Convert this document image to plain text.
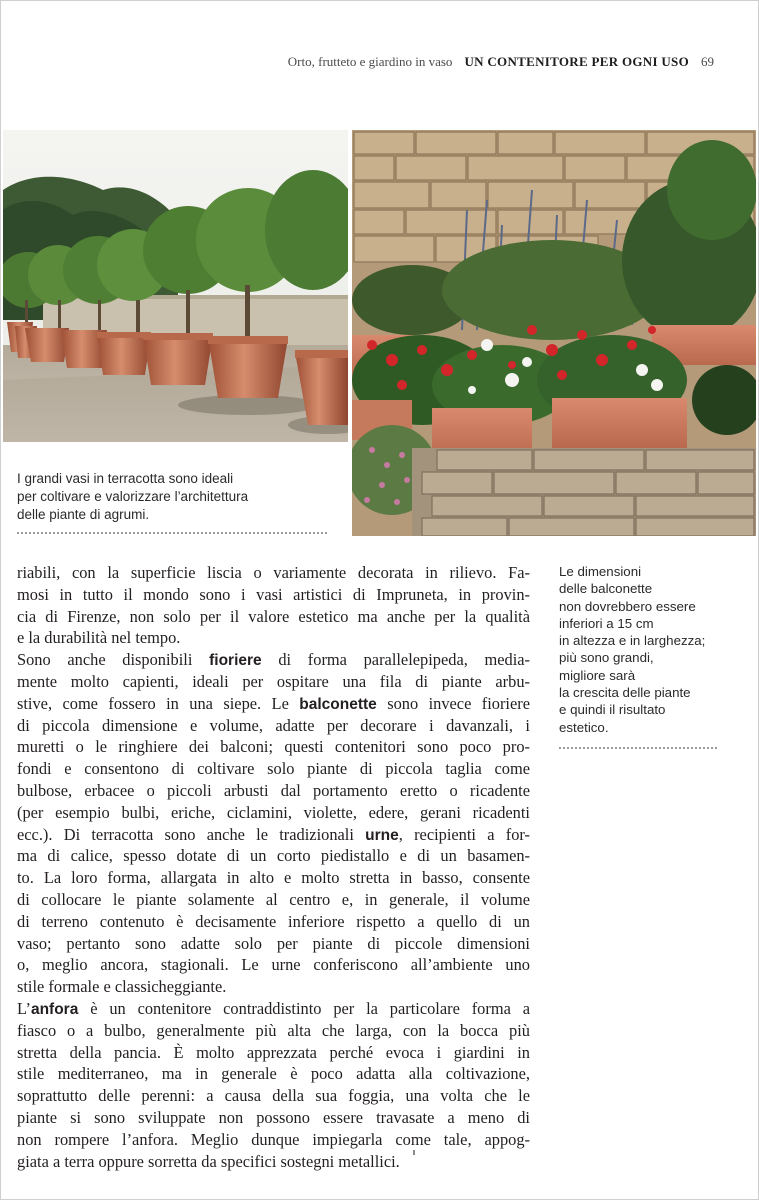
Orto, frutteto e giardino in vaso UN CONTENITORE PER OGNI USO 69
I grandi vasi in terracotta sono ideali
per coltivare e valorizzare l’architettura
delle piante di agrumi.
Le dimensioni
delle balconette
non dovrebbero essere
inferiori a 15 cm
in altezza e in larghezza;
più sono grandi,
migliore sarà
la crescita delle piante
e quindi il risultato
estetico.
riabili, con la superficie liscia o variamente decorata in rilievo. Fa-
mosi in tutto il mondo sono i vasi artistici di Impruneta, in provin-
cia di Firenze, non solo per il valore estetico ma anche per la qualità
e la durabilità nel tempo.
Sono anche disponibili fioriere di forma parallelepipeda, media-
mente molto capienti, ideali per ospitare una fila di piante arbu-
stive, come fossero in una siepe. Le balconette sono invece fioriere
di piccola dimensione e volume, adatte per decorare i davanzali, i
muretti o le ringhiere dei balconi; questi contenitori sono poco pro-
fondi e consentono di coltivare solo piante di piccola taglia come
bulbose, erbacee o piccoli arbusti dal portamento eretto o ricadente
(per esempio bulbi, eriche, ciclamini, violette, edere, gerani ricadenti
ecc.). Di terracotta sono anche le tradizionali urne, recipienti a for-
ma di calice, spesso dotate di un corto piedistallo e di un basamen-
to. La loro forma, allargata in alto e molto stretta in basso, consente
di collocare le piante solamente al centro e, in generale, il volume
di terreno contenuto è decisamente inferiore rispetto a quello di un
vaso; pertanto sono adatte solo per piante di piccole dimensioni
o, meglio ancora, stagionali. Le urne conferiscono all’ambiente uno
stile formale e classicheggiante.
L’anfora è un contenitore contraddistinto per la particolare forma a
fiasco o a bulbo, generalmente più alta che larga, con la bocca più
stretta della pancia. È molto apprezzata perché evoca i giardini in
stile mediterraneo, ma in generale è poco adatta alla coltivazione,
soprattutto delle perenni: a causa della sua foggia, una volta che le
piante si sono sviluppate non possono essere travasate a meno di
non rompere l’anfora. Meglio dunque impiegarla come tale, appog-
giata a terra oppure sorretta da specifici sostegni metallici.
